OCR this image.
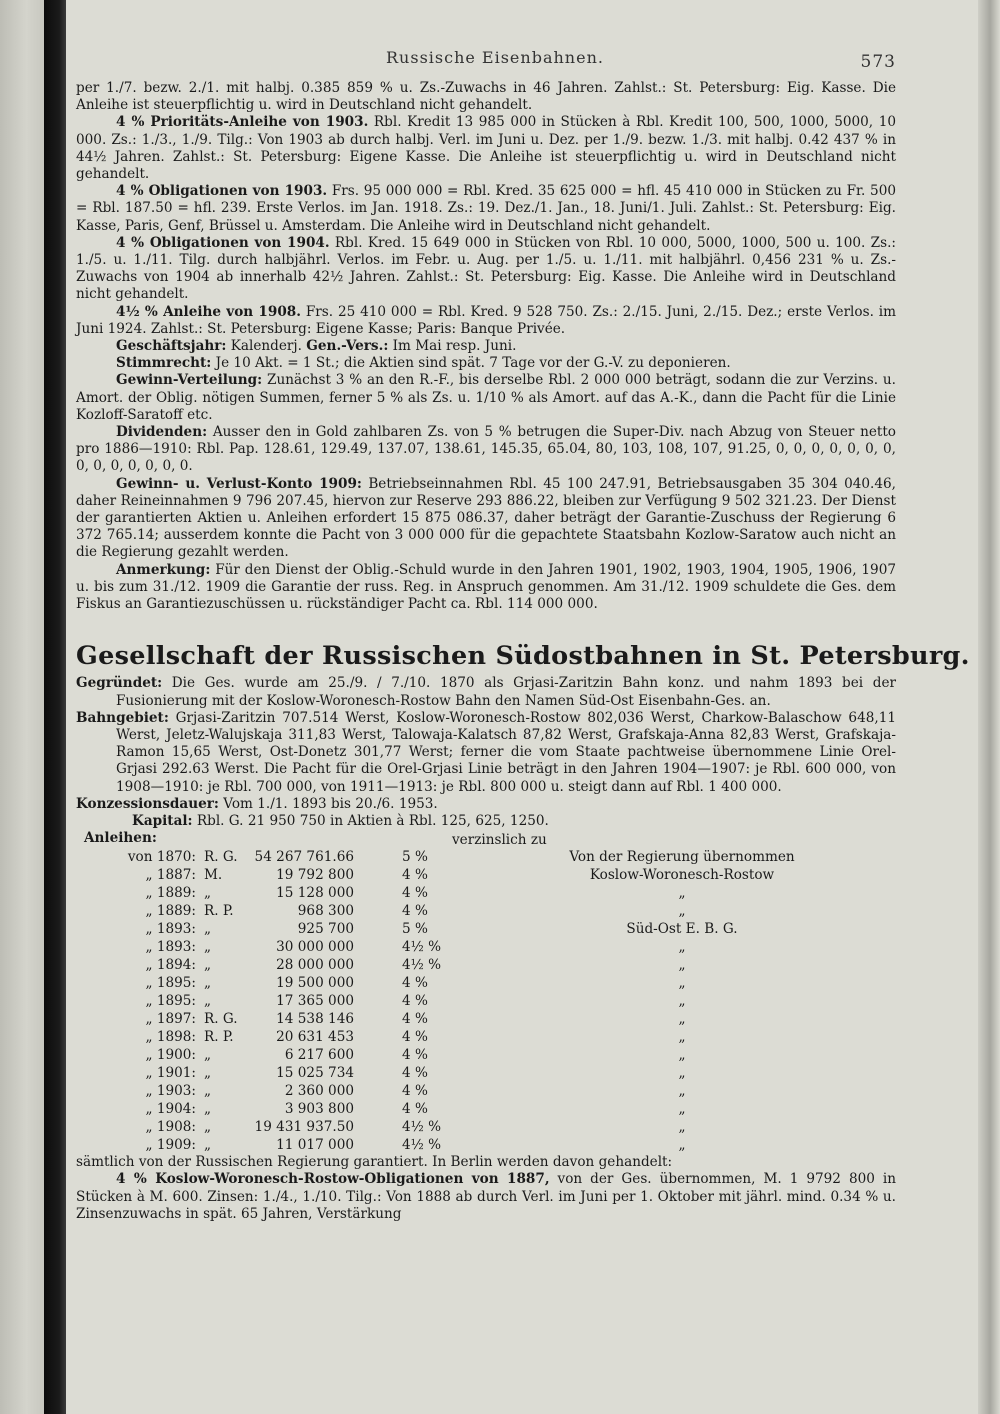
Russische Eisenbahnen.	573

per 1./7. bezw. 2./1. mit halbj. 0.385 859 % u. Zs.-Zuwachs in 46 Jahren. Zahlst.: St. Petersburg: Eig. Kasse. Die Anleihe ist steuerpflichtig u. wird in Deutschland nicht gehandelt.

4 % Prioritäts-Anleihe von 1903. Rbl. Kredit 13 985 000 in Stücken à Rbl. Kredit 100, 500, 1000, 5000, 10 000. Zs.: 1./3., 1./9. Tilg.: Von 1903 ab durch halbj. Verl. im Juni u. Dez. per 1./9. bezw. 1./3. mit halbj. 0.42 437 % in 44½ Jahren. Zahlst.: St. Petersburg: Eigene Kasse. Die Anleihe ist steuerpflichtig u. wird in Deutschland nicht gehandelt.

4 % Obligationen von 1903. Frs. 95 000 000 = Rbl. Kred. 35 625 000 = hfl. 45 410 000 in Stücken zu Fr. 500 = Rbl. 187.50 = hfl. 239. Erste Verlos. im Jan. 1918. Zs.: 19. Dez./1. Jan., 18. Juni/1. Juli. Zahlst.: St. Petersburg: Eig. Kasse, Paris, Genf, Brüssel u. Amsterdam. Die Anleihe wird in Deutschland nicht gehandelt.

4 % Obligationen von 1904. Rbl. Kred. 15 649 000 in Stücken von Rbl. 10 000, 5000, 1000, 500 u. 100. Zs.: 1./5. u. 1./11. Tilg. durch halbjährl. Verlos. im Febr. u. Aug. per 1./5. u. 1./11. mit halbjährl. 0,456 231 % u. Zs.-Zuwachs von 1904 ab innerhalb 42½ Jahren. Zahlst.: St. Petersburg: Eig. Kasse. Die Anleihe wird in Deutschland nicht gehandelt.

4½ % Anleihe von 1908. Frs. 25 410 000 = Rbl. Kred. 9 528 750. Zs.: 2./15. Juni, 2./15. Dez.; erste Verlos. im Juni 1924. Zahlst.: St. Petersburg: Eigene Kasse; Paris: Banque Privée.

Geschäftsjahr: Kalenderj. Gen.-Vers.: Im Mai resp. Juni.

Stimmrecht: Je 10 Akt. = 1 St.; die Aktien sind spät. 7 Tage vor der G.-V. zu deponieren.

Gewinn-Verteilung: Zunächst 3 % an den R.-F., bis derselbe Rbl. 2 000 000 beträgt, sodann die zur Verzins. u. Amort. der Oblig. nötigen Summen, ferner 5 % als Zs. u. 1/10 % als Amort. auf das A.-K., dann die Pacht für die Linie Kozloff-Saratoff etc.

Dividenden: Ausser den in Gold zahlbaren Zs. von 5 % betrugen die Super-Div. nach Abzug von Steuer netto pro 1886—1910: Rbl. Pap. 128.61, 129.49, 137.07, 138.61, 145.35, 65.04, 80, 103, 108, 107, 91.25, 0, 0, 0, 0, 0, 0, 0, 0, 0, 0, 0, 0, 0, 0.

Gewinn- u. Verlust-Konto 1909: Betriebseinnahmen Rbl. 45 100 247.91, Betriebsausgaben 35 304 040.46, daher Reineinnahmen 9 796 207.45, hiervon zur Reserve 293 886.22, bleiben zur Verfügung 9 502 321.23. Der Dienst der garantierten Aktien u. Anleihen erfordert 15 875 086.37, daher beträgt der Garantie-Zuschuss der Regierung 6 372 765.14; ausserdem konnte die Pacht von 3 000 000 für die gepachtete Staatsbahn Kozlow-Saratow auch nicht an die Regierung gezahlt werden.

Anmerkung: Für den Dienst der Oblig.-Schuld wurde in den Jahren 1901, 1902, 1903, 1904, 1905, 1906, 1907 u. bis zum 31./12. 1909 die Garantie der russ. Reg. in Anspruch genommen. Am 31./12. 1909 schuldete die Ges. dem Fiskus an Garantiezuschüssen u. rückständiger Pacht ca. Rbl. 114 000 000.

Gesellschaft der Russischen Südostbahnen in St. Petersburg.

Gegründet: Die Ges. wurde am 25./9. / 7./10. 1870 als Grjasi-Zaritzin Bahn konz. und nahm 1893 bei der Fusionierung mit der Koslow-Woronesch-Rostow Bahn den Namen Süd-Ost Eisenbahn-Ges. an.

Bahngebiet: Grjasi-Zaritzin 707.514 Werst, Koslow-Woronesch-Rostow 802,036 Werst, Charkow-Balaschow 648,11 Werst, Jeletz-Walujskaja 311,83 Werst, Talowaja-Kalatsch 87,82 Werst, Grafskaja-Anna 82,83 Werst, Grafskaja-Ramon 15,65 Werst, Ost-Donetz 301,77 Werst; ferner die vom Staate pachtweise übernommene Linie Orel-Grjasi 292.63 Werst. Die Pacht für die Orel-Grjasi Linie beträgt in den Jahren 1904—1907: je Rbl. 600 000, von 1908—1910: je Rbl. 700 000, von 1911—1913: je Rbl. 800 000 u. steigt dann auf Rbl. 1 400 000.

Konzessionsdauer: Vom 1./1. 1893 bis 20./6. 1953.

Kapital: Rbl. G. 21 950 750 in Aktien à Rbl. 125, 625, 1250.

Anleihen:	verzinslich zu
von 1870:	R. G.	54 267 761.66	5 %	Von der Regierung übernommen
„ 1887:	M.	19 792 800	4 %	Koslow-Woronesch-Rostow
„ 1889:	„	15 128 000	4 %	„
„ 1889:	R. P.	968 300	4 %	„
„ 1893:	„	925 700	5 %	Süd-Ost E. B. G.
„ 1893:	„	30 000 000	4½ %	„
„ 1894:	„	28 000 000	4½ %	„
„ 1895:	„	19 500 000	4 %	„
„ 1895:	„	17 365 000	4 %	„
„ 1897:	R. G.	14 538 146	4 %	„
„ 1898:	R. P.	20 631 453	4 %	„
„ 1900:	„	6 217 600	4 %	„
„ 1901:	„	15 025 734	4 %	„
„ 1903:	„	2 360 000	4 %	„
„ 1904:	„	3 903 800	4 %	„
„ 1908:	„	19 431 937.50	4½ %	„
„ 1909:	„	11 017 000	4½ %	„

sämtlich von der Russischen Regierung garantiert. In Berlin werden davon gehandelt:

4 % Koslow-Woronesch-Rostow-Obligationen von 1887, von der Ges. übernommen, M. 1 9792 800 in Stücken à M. 600. Zinsen: 1./4., 1./10. Tilg.: Von 1888 ab durch Verl. im Juni per 1. Oktober mit jährl. mind. 0.34 % u. Zinsenzuwachs in spät. 65 Jahren, Verstärkung
